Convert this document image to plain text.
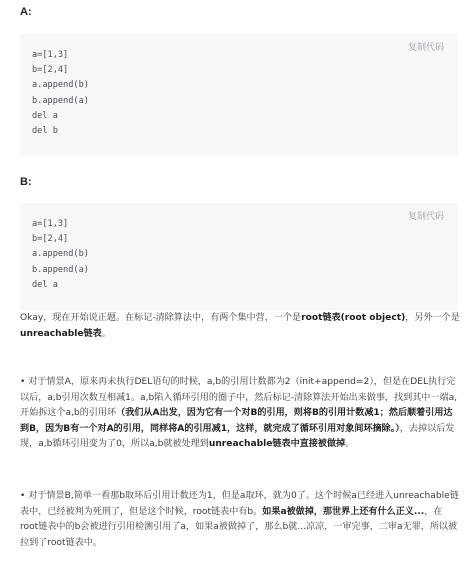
A:
复制代码
a=[1,3]
b=[2,4]
a.append(b)
b.append(a)
del a
del b
B:
复制代码
a=[1,3]
b=[2,4]
a.append(b)
b.append(a)
del a

Okay，现在开始说正题。在标记-清除算法中，有两个集中营，一个是root链表(root object)，另外一个是unreachable链表。

• 对于情景A，原来再未执行DEL语句的时候，a,b的引用计数都为2（init+append=2），但是在DEL执行完以后，a,b引用次数互相减1。a,b陷入循环引用的圈子中，然后标记-清除算法开始出来做事，找到其中一端a,开始拆这个a,b的引用环（我们从A出发，因为它有一个对B的引用，则将B的引用计数减1；然后顺着引用达到B，因为B有一个对A的引用，同样将A的引用减1，这样，就完成了循环引用对象间环摘除。），去掉以后发现，a,b循环引用变为了0，所以a,b就被处理到unreachable链表中直接被做掉。

• 对于情景B,简单一看那b取环后引用计数还为1，但是a取环，就为0了。这个时候a已经进入unreachable链表中，已经被判为死刑了，但是这个时候，root链表中有b。如果a被做掉，那世界上还有什么正义...，在root链表中的b会被进行引用检测引用了a，如果a被做掉了，那么b就...凉凉，一审完事，二审a无罪，所以被拉到了root链表中。
